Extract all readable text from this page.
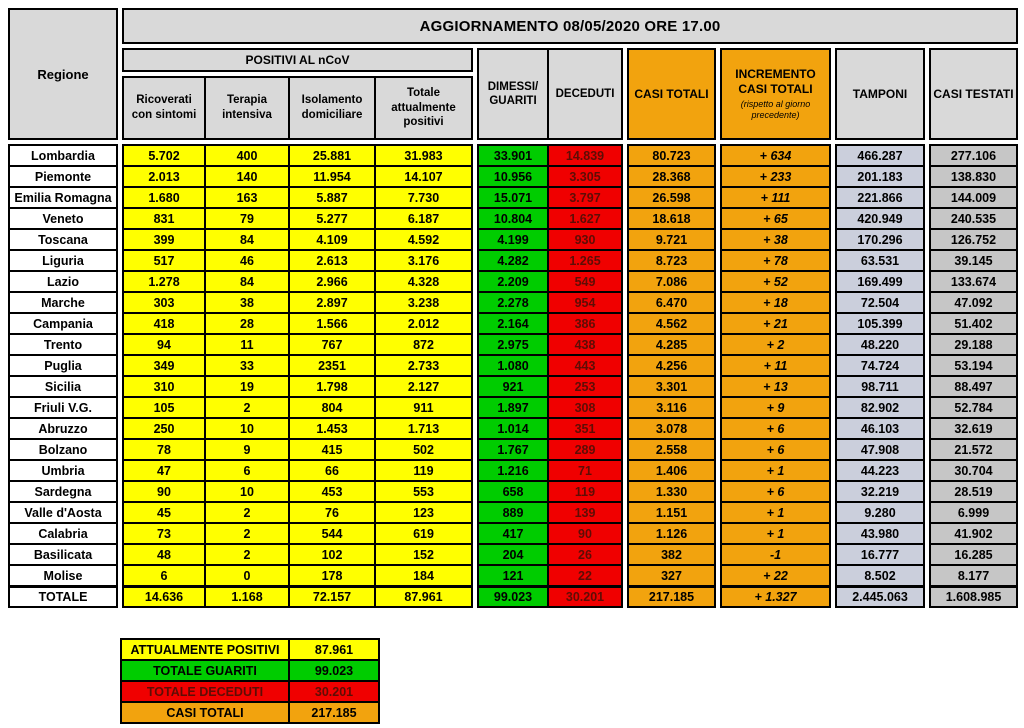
Regione
AGGIORNAMENTO 08/05/2020 ORE 17.00
POSITIVI AL nCoV
Ricoverati con sintomi
Terapia intensiva
Isolamento domiciliare
Totale attualmente positivi
DIMESSI/ GUARITI
DECEDUTI	CASI TOTALI
INCREMENTO CASI TOTALI
(rispetto al giorno precedente)
TAMPONI	CASI TESTATI
Lombardia	5.702	400	25.881	31.983	33.901	14.839	80.723	+ 634	466.287	277.106
Piemonte	2.013	140	11.954	14.107	10.956	3.305	28.368	+ 233	201.183	138.830
Emilia Romagna	1.680	163	5.887	7.730	15.071	3.797	26.598	+ 111	221.866	144.009
Veneto	831	79	5.277	6.187	10.804	1.627	18.618	+ 65	420.949	240.535
Toscana	399	84	4.109	4.592	4.199	930	9.721	+ 38	170.296	126.752
Liguria	517	46	2.613	3.176	4.282	1.265	8.723	+ 78	63.531	39.145
Lazio	1.278	84	2.966	4.328	2.209	549	7.086	+ 52	169.499	133.674
Marche	303	38	2.897	3.238	2.278	954	6.470	+ 18	72.504	47.092
Campania	418	28	1.566	2.012	2.164	386	4.562	+ 21	105.399	51.402
Trento	94	11	767	872	2.975	438	4.285	+ 2	48.220	29.188
Puglia	349	33	2351	2.733	1.080	443	4.256	+ 11	74.724	53.194
Sicilia	310	19	1.798	2.127	921	253	3.301	+ 13	98.711	88.497
Friuli V.G.	105	2	804	911	1.897	308	3.116	+ 9	82.902	52.784
Abruzzo	250	10	1.453	1.713	1.014	351	3.078	+ 6	46.103	32.619
Bolzano	78	9	415	502	1.767	289	2.558	+ 6	47.908	21.572
Umbria	47	6	66	119	1.216	71	1.406	+ 1	44.223	30.704
Sardegna	90	10	453	553	658	119	1.330	+ 6	32.219	28.519
Valle d'Aosta	45	2	76	123	889	139	1.151	+ 1	9.280	6.999
Calabria	73	2	544	619	417	90	1.126	+ 1	43.980	41.902
Basilicata	48	2	102	152	204	26	382	-1	16.777	16.285
Molise	6	0	178	184	121	22	327	+ 22	8.502	8.177
TOTALE	14.636	1.168	72.157	87.961	99.023	30.201	217.185	+ 1.327	2.445.063	1.608.985
ATTUALMENTE POSITIVI	87.961
TOTALE GUARITI	99.023
TOTALE DECEDUTI	30.201
CASI TOTALI	217.185
